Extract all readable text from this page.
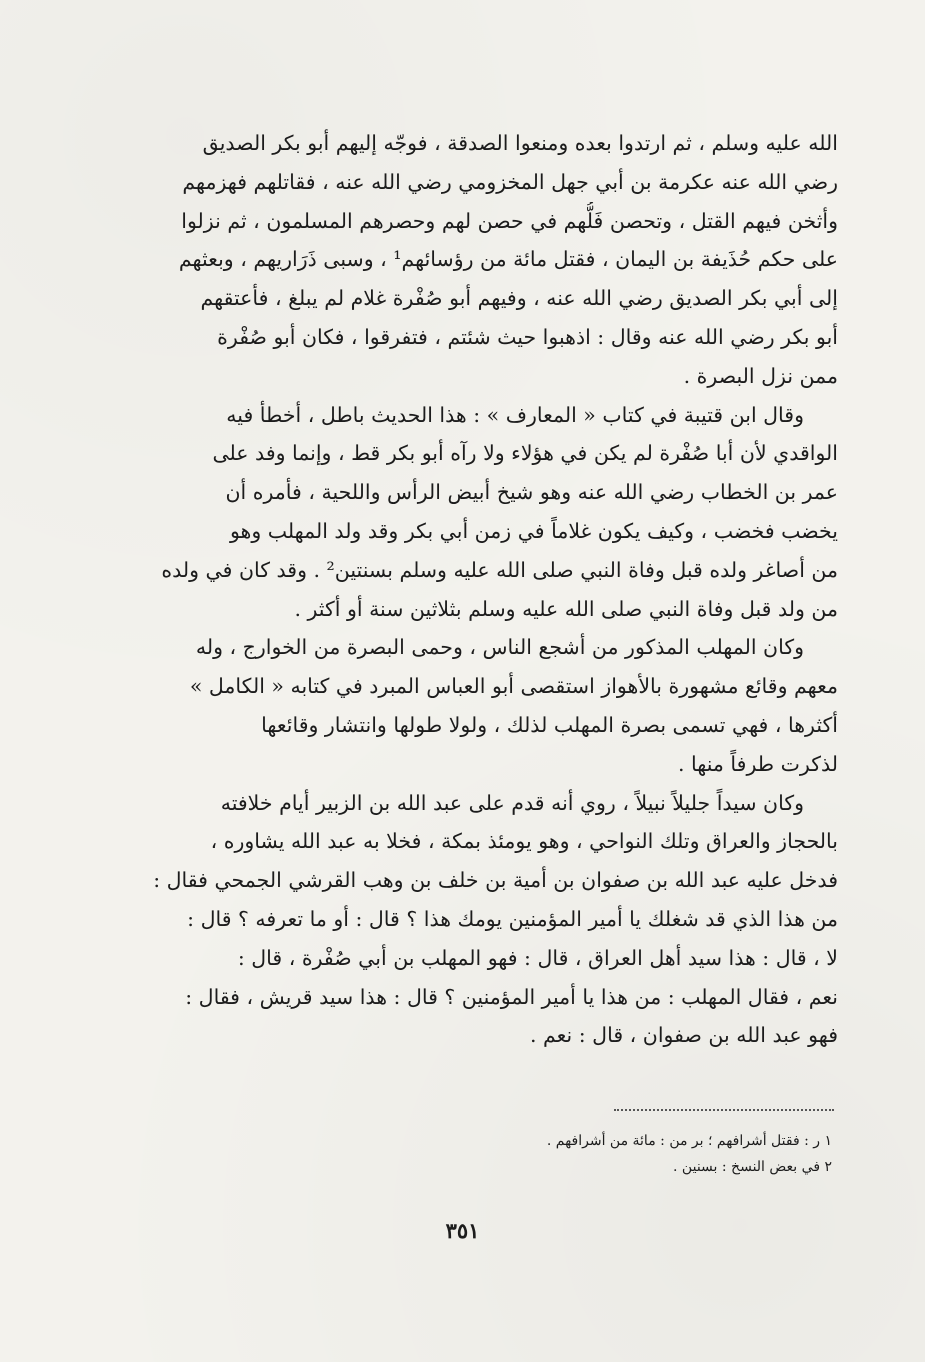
الله عليه وسلم ، ثم ارتدوا بعده ومنعوا الصدقة ، فوجّه إليهم أبو بكر الصديق
رضي الله عنه عكرمة بن أبي جهل المخزومي رضي الله عنه ، فقاتلهم فهزمهم
وأثخن فيهم القتل ، وتحصن فَلُّهم في حصن لهم وحصرهم المسلمون ، ثم نزلوا
على حكم حُذَيفة بن اليمان ، فقتل مائة من رؤسائهم¹ ، وسبى ذَرَاريهم ، وبعثهم
إلى أبي بكر الصديق رضي الله عنه ، وفيهم أبو صُفْرة غلام لم يبلغ ، فأعتقهم
أبو بكر رضي الله عنه وقال : اذهبوا حيث شئتم ، فتفرقوا ، فكان أبو صُفْرة
ممن نزل البصرة .
وقال ابن قتيبة في كتاب « المعارف » : هذا الحديث باطل ، أخطأ فيه
الواقدي لأن أبا صُفْرة لم يكن في هؤلاء ولا رآه أبو بكر قط ، وإنما وفد على
عمر بن الخطاب رضي الله عنه وهو شيخ أبيض الرأس واللحية ، فأمره أن
يخضب فخضب ، وكيف يكون غلاماً في زمن أبي بكر وقد ولد المهلب وهو
من أصاغر ولده قبل وفاة النبي صلى الله عليه وسلم بسنتين² . وقد كان في ولده
من ولد قبل وفاة النبي صلى الله عليه وسلم بثلاثين سنة أو أكثر .
وكان المهلب المذكور من أشجع الناس ، وحمى البصرة من الخوارج ، وله
معهم وقائع مشهورة بالأهواز استقصى أبو العباس المبرد في كتابه « الكامل »
أكثرها ، فهي تسمى بصرة المهلب لذلك ، ولولا طولها وانتشار وقائعها
لذكرت طرفاً منها .
وكان سيداً جليلاً نبيلاً ، روي أنه قدم على عبد الله بن الزبير أيام خلافته
بالحجاز والعراق وتلك النواحي ، وهو يومئذ بمكة ، فخلا به عبد الله يشاوره ،
فدخل عليه عبد الله بن صفوان بن أمية بن خلف بن وهب القرشي الجمحي فقال :
من هذا الذي قد شغلك يا أمير المؤمنين يومك هذا ؟ قال : أو ما تعرفه ؟ قال :
لا ، قال : هذا سيد أهل العراق ، قال : فهو المهلب بن أبي صُفْرة ، قال :
نعم ، فقال المهلب : من هذا يا أمير المؤمنين ؟ قال : هذا سيد قريش ، فقال :
فهو عبد الله بن صفوان ، قال : نعم .
١ ر : فقتل أشرافهم ؛ بر من : مائة من أشرافهم .
٢ في بعض النسخ : بسنين .
٣٥١
